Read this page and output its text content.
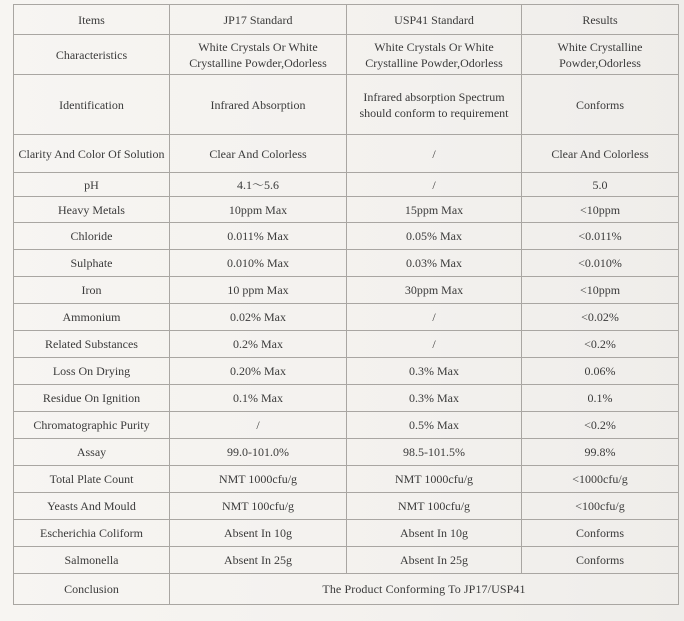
Items	JP17 Standard	USP41 Standard	Results
Characteristics	White Crystals Or White Crystalline Powder,Odorless	White Crystals Or White Crystalline Powder,Odorless	White Crystalline Powder,Odorless
Identification	Infrared Absorption	Infrared absorption Spectrum should conform to requirement	Conforms
Clarity And Color Of Solution	Clear And Colorless	/	Clear And Colorless
pH	4.1～5.6	/	5.0
Heavy Metals	10ppm Max	15ppm Max	<10ppm
Chloride	0.011% Max	0.05% Max	<0.011%
Sulphate	0.010% Max	0.03% Max	<0.010%
Iron	10 ppm Max	30ppm Max	<10ppm
Ammonium	0.02% Max	/	<0.02%
Related Substances	0.2% Max	/	<0.2%
Loss On Drying	0.20% Max	0.3% Max	0.06%
Residue On Ignition	0.1% Max	0.3% Max	0.1%
Chromatographic Purity	/	0.5% Max	<0.2%
Assay	99.0-101.0%	98.5-101.5%	99.8%
Total Plate Count	NMT 1000cfu/g	NMT 1000cfu/g	<1000cfu/g
Yeasts And Mould	NMT 100cfu/g	NMT 100cfu/g	<100cfu/g
Escherichia Coliform	Absent In 10g	Absent In 10g	Conforms
Salmonella	Absent In 25g	Absent In 25g	Conforms
Conclusion	The Product Conforming To JP17/USP41		
